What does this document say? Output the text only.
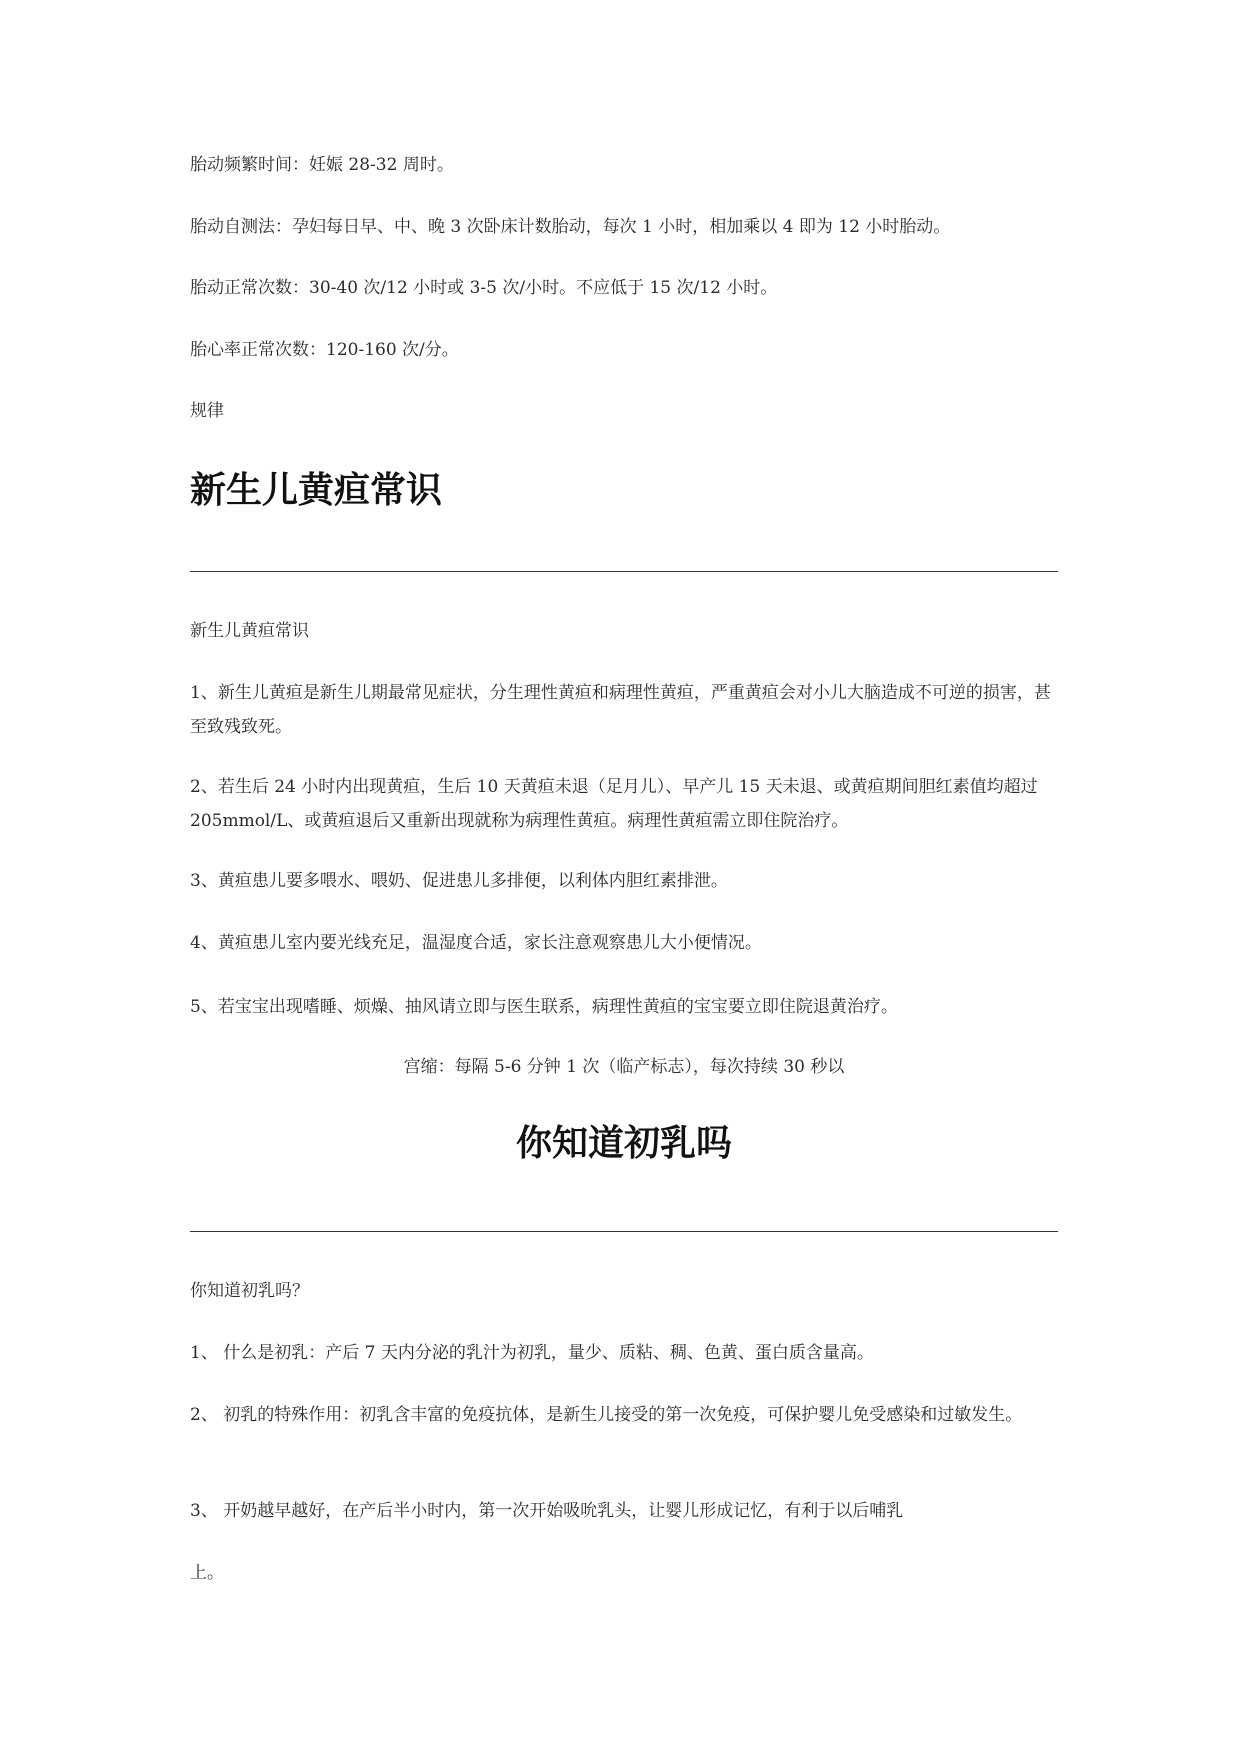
胎动频繁时间：妊娠 28-32 周时。
胎动自测法：孕妇每日早、中、晚 3 次卧床计数胎动，每次 1 小时，相加乘以 4 即为 12 小时胎动。
胎动正常次数：30-40 次/12 小时或 3-5 次/小时。不应低于 15 次/12 小时。
胎心率正常次数：120-160 次/分。
规律
新生儿黄疸常识
新生儿黄疸常识
1、新生儿黄疸是新生儿期最常见症状，分生理性黄疸和病理性黄疸，严重黄疸会对小儿大脑造成不可逆的损害，甚至致残致死。
2、若生后 24 小时内出现黄疸，生后 10 天黄疸未退（足月儿）、早产儿 15 天未退、或黄疸期间胆红素值均超过 205mmol/L、或黄疸退后又重新出现就称为病理性黄疸。病理性黄疸需立即住院治疗。
3、黄疸患儿要多喂水、喂奶、促进患儿多排便，以利体内胆红素排泄。
4、黄疸患儿室内要光线充足，温湿度合适，家长注意观察患儿大小便情况。
5、若宝宝出现嗜睡、烦燥、抽风请立即与医生联系，病理性黄疸的宝宝要立即住院退黄治疗。
宫缩：每隔 5-6 分钟 1 次（临产标志），每次持续 30 秒以
你知道初乳吗
你知道初乳吗？
1、 什么是初乳：产后 7 天内分泌的乳汁为初乳，量少、质粘、稠、色黄、蛋白质含量高。
2、 初乳的特殊作用：初乳含丰富的免疫抗体，是新生儿接受的第一次免疫，可保护婴儿免受感染和过敏发生。
3、 开奶越早越好，在产后半小时内，第一次开始吸吮乳头，让婴儿形成记忆，有利于以后哺乳
上。
